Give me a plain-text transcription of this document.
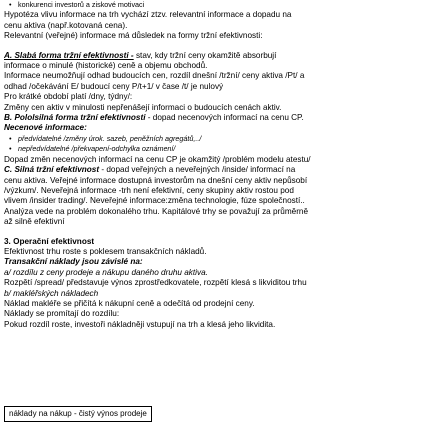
• konkurenci investorů a ziskové motivaci
Hypotéza vlivu informace na trh vychází ztzv. relevantní informace a dopadu na
cenu aktiva (např.kotovaná cena).
Relevantní (veřejné) informace má důsledek na formy tržní efektivnosti:
A. Slabá forma tržní efektivnosti - stav, kdy tržní ceny okamžitě absorbují
informace o minulé (historické) ceně a objemu obchodů.
Informace neumožňují odhad budoucích cen, rozdíl dnešní /tržní/ ceny aktiva /Pt/ a
odhad /očekávání E/ budoucí ceny P/t+1/ v čase /t/ je nulový
Pro krátké období platí /dny, týdny/:
Změny cen aktiv v minulosti nepřenášejí informaci o budoucích cenách aktiv.
B. Pololsilná forma tržní efektivnosti - dopad necenových informací na cenu CP.
Necenové informace:
• předvídatelné /změny úrok. sazeb, peněžních agregátů,../
• nepředvídatelné /překvapení-odchylka oznámení/
Dopad změn necenových informací na cenu CP je okamžitý /problém modelu atestu/
C. Silná tržní efektivnost - dopad veřejných a neveřejných /inside/ informací na
cenu aktiva. Veřejné informace dostupná investorům na dnešní ceny aktiv nepůsobí
/výzkum/. Neveřejná informace -trh není efektivní, ceny skupiny aktiv rostou pod
vlivem /insider trading/. Neveřejné informace:změna technologie, fúze společností..
Analýza vede na problém dokonalého trhu. Kapitálové trhy se považují za průměrně
až silně efektivní
3. Operační efektivnost
Efektivnost trhu roste s poklesem transakčních nákladů.
Transakční náklady jsou závislé na:
a/ rozdílu z ceny prodeje a nákupu daného druhu aktiva.
Rozpětí /spread/ představuje výnos zprostředkovatele, rozpětí klesá s likviditou trhu
b/ makléřských nákladech
Náklad makléře se přičítá k nákupní ceně a odečítá od prodejní ceny.
Náklady se promítají do rozdílu:
Pokud rozdíl roste, investoři nákladněji vstupují na trh a klesá jeho likvidita.
náklady na nákup - čistý výnos prodeje
